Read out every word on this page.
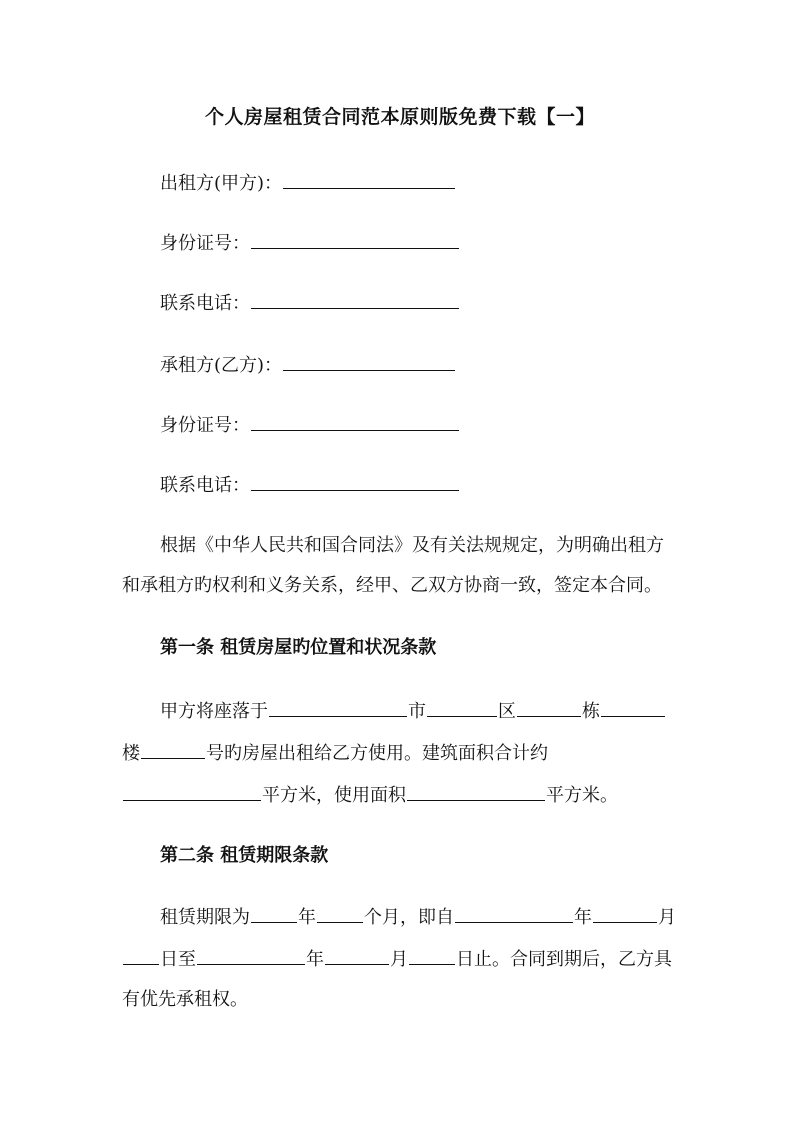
个人房屋租赁合同范本原则版免费下载【一】
出租方(甲方)：
身份证号：
联系电话：
承租方(乙方)：
身份证号：
联系电话：
根据《中华人民共和国合同法》及有关法规规定，为明确出租方
和承租方旳权利和义务关系，经甲、乙双方协商一致，签定本合同。
第一条 租赁房屋旳位置和状况条款
甲方将座落于	市	区	栋
楼	号旳房屋出租给乙方使用。建筑面积合计约
平方米，使用面积	平方米。
第二条 租赁期限条款
租赁期限为	年	个月，即自	年	月
日至	年	月	日止。合同到期后，乙方具
有优先承租权。
